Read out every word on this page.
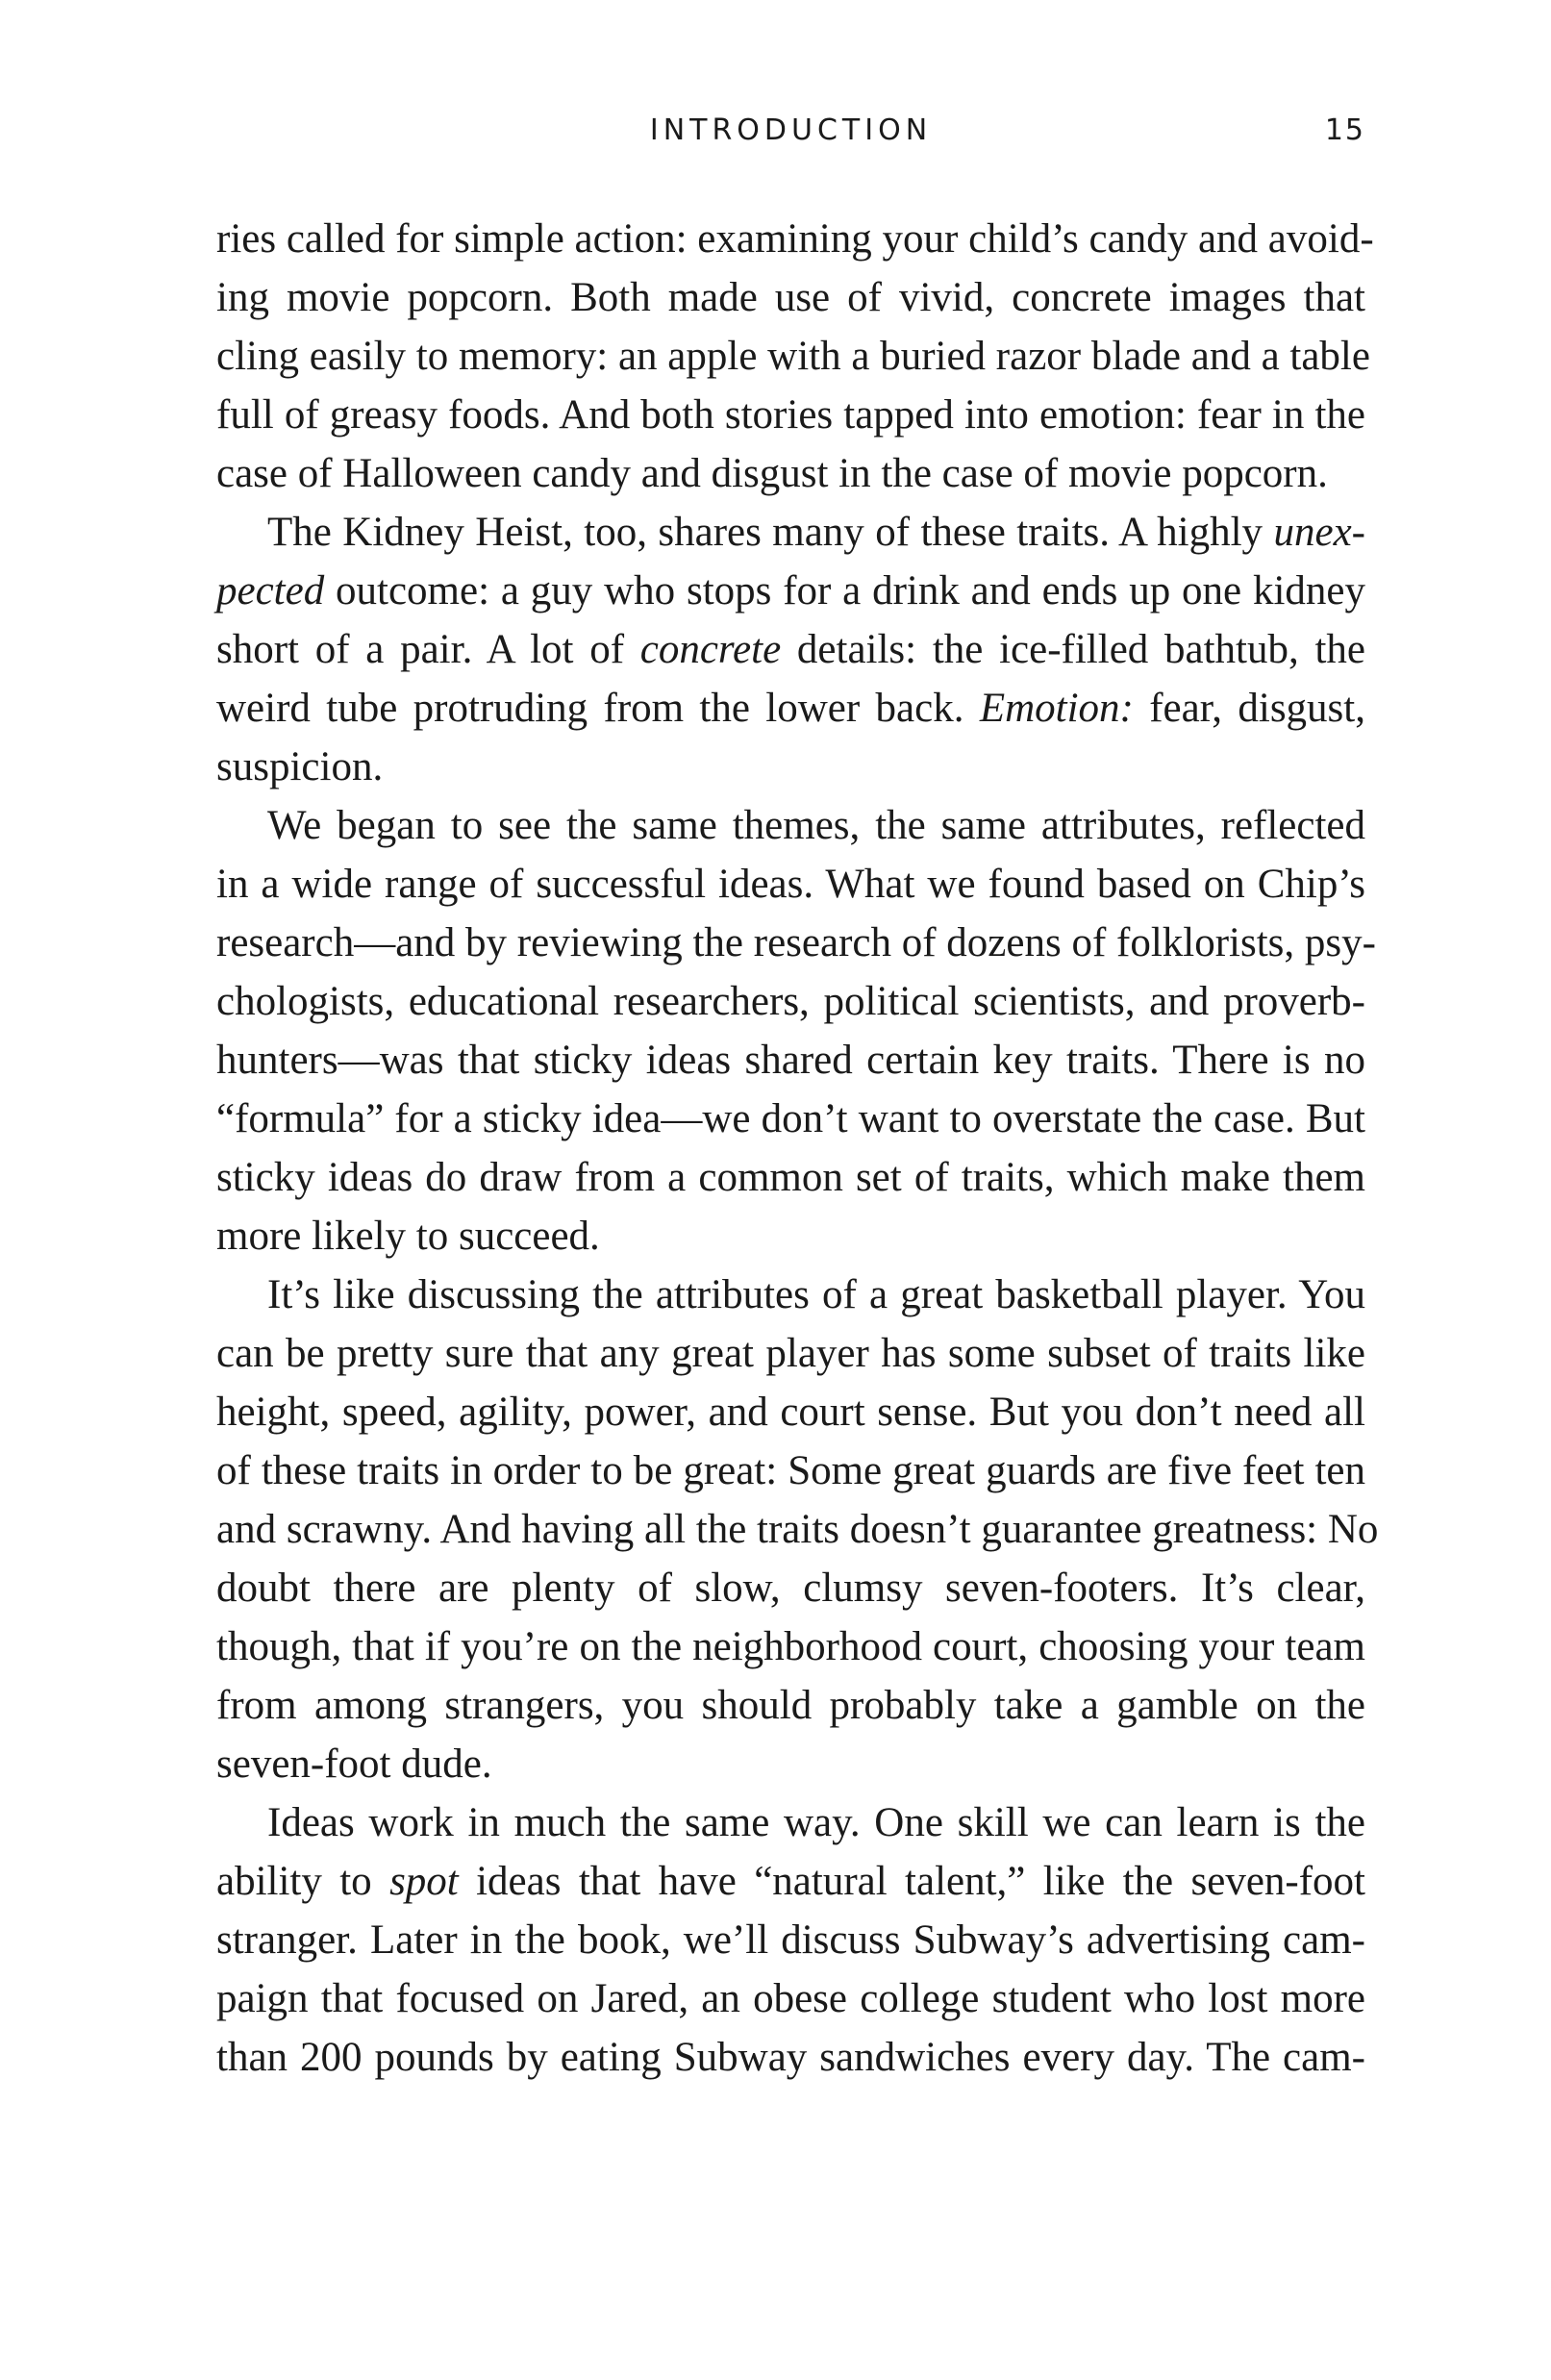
INTRODUCTION	15
ries called for simple action: examining your child’s candy and avoid-
ing movie popcorn. Both made use of vivid, concrete images that
cling easily to memory: an apple with a buried razor blade and a table
full of greasy foods. And both stories tapped into emotion: fear in the
case of Halloween candy and disgust in the case of movie popcorn.
The Kidney Heist, too, shares many of these traits. A highly unex-
pected outcome: a guy who stops for a drink and ends up one kidney
short of a pair. A lot of concrete details: the ice-filled bathtub, the
weird tube protruding from the lower back. Emotion: fear, disgust,
suspicion.
We began to see the same themes, the same attributes, reflected
in a wide range of successful ideas. What we found based on Chip’s
research—and by reviewing the research of dozens of folklorists, psy-
chologists, educational researchers, political scientists, and proverb-
hunters—was that sticky ideas shared certain key traits. There is no
“formula” for a sticky idea—we don’t want to overstate the case. But
sticky ideas do draw from a common set of traits, which make them
more likely to succeed.
It’s like discussing the attributes of a great basketball player. You
can be pretty sure that any great player has some subset of traits like
height, speed, agility, power, and court sense. But you don’t need all
of these traits in order to be great: Some great guards are five feet ten
and scrawny. And having all the traits doesn’t guarantee greatness: No
doubt there are plenty of slow, clumsy seven-footers. It’s clear,
though, that if you’re on the neighborhood court, choosing your team
from among strangers, you should probably take a gamble on the
seven-foot dude.
Ideas work in much the same way. One skill we can learn is the
ability to spot ideas that have “natural talent,” like the seven-foot
stranger. Later in the book, we’ll discuss Subway’s advertising cam-
paign that focused on Jared, an obese college student who lost more
than 200 pounds by eating Subway sandwiches every day. The cam-
